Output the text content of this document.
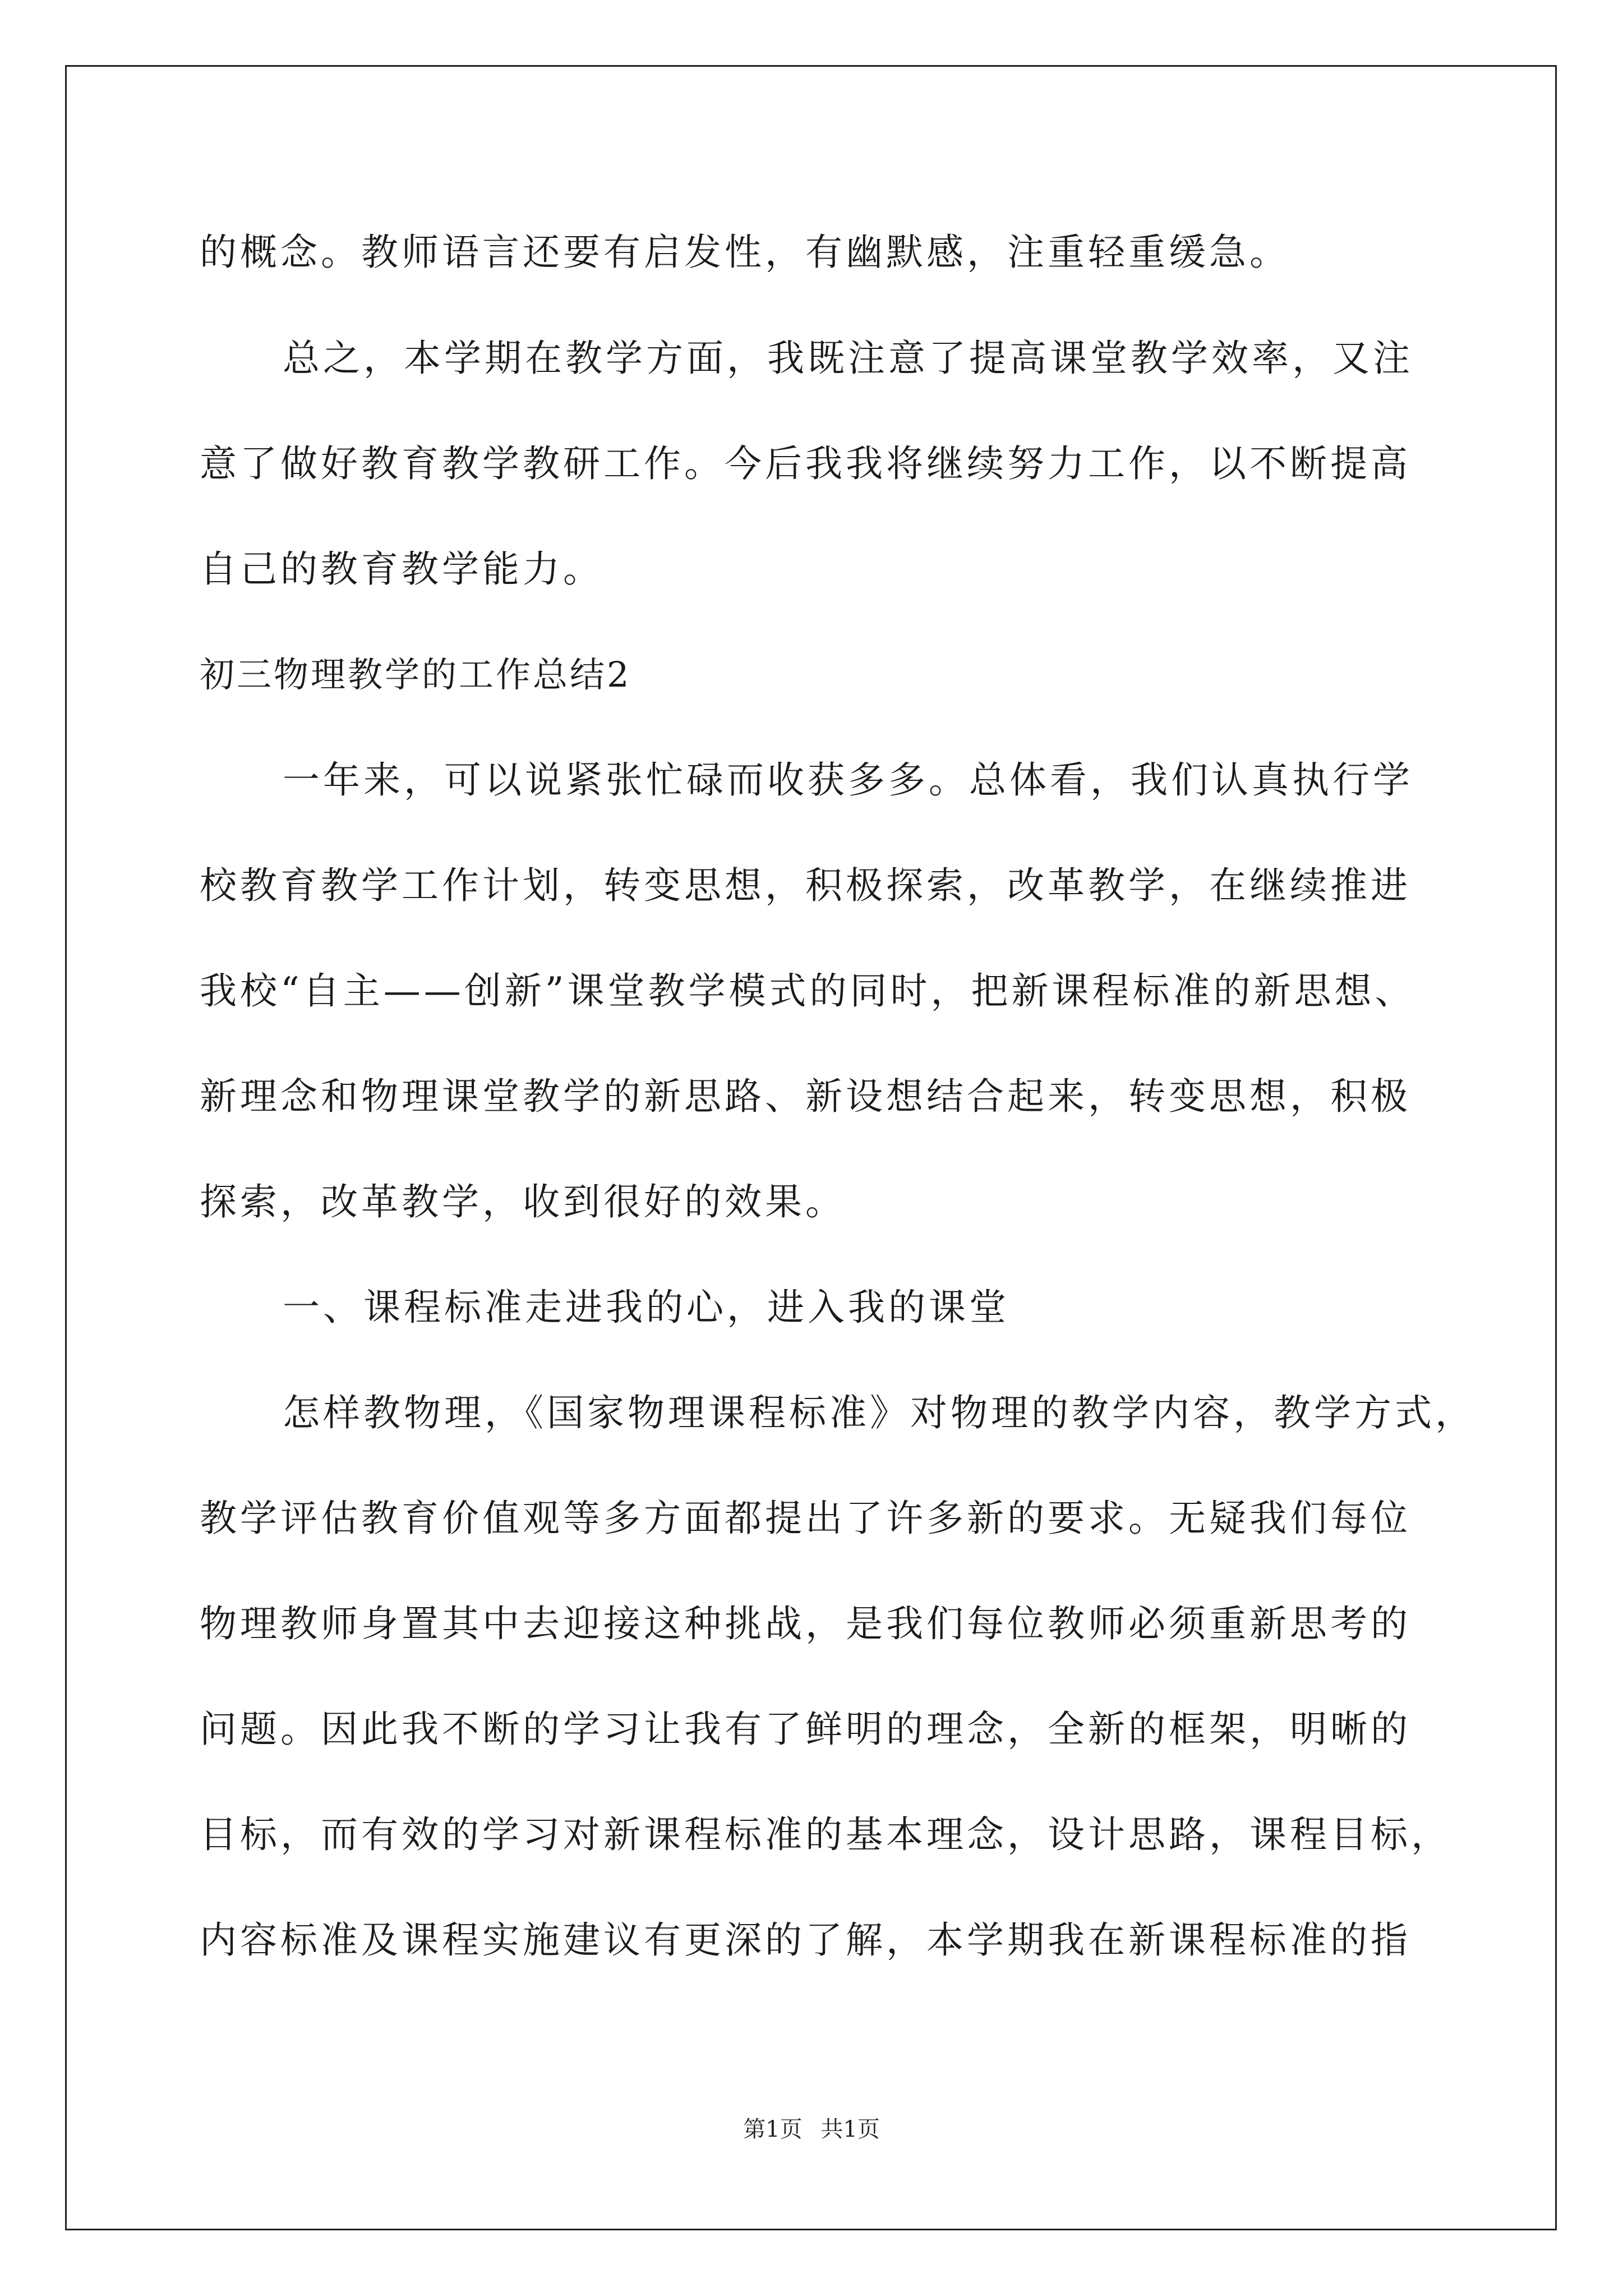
的概念。教师语言还要有启发性，有幽默感，注重轻重缓急。
总之，本学期在教学方面，我既注意了提高课堂教学效率，又注
意了做好教育教学教研工作。今后我我将继续努力工作，以不断提高
自己的教育教学能力。
初三物理教学的工作总结2
一年来，可以说紧张忙碌而收获多多。总体看，我们认真执行学
校教育教学工作计划，转变思想，积极探索，改革教学，在继续推进
我校“自主——创新”课堂教学模式的同时，把新课程标准的新思想、
新理念和物理课堂教学的新思路、新设想结合起来，转变思想，积极
探索，改革教学，收到很好的效果。
一、课程标准走进我的心，进入我的课堂
怎样教物理，《国家物理课程标准》对物理的教学内容，教学方式，
教学评估教育价值观等多方面都提出了许多新的要求。无疑我们每位
物理教师身置其中去迎接这种挑战，是我们每位教师必须重新思考的
问题。因此我不断的学习让我有了鲜明的理念，全新的框架，明晰的
目标，而有效的学习对新课程标准的基本理念，设计思路，课程目标，
内容标准及课程实施建议有更深的了解，本学期我在新课程标准的指
第1页 共1页
